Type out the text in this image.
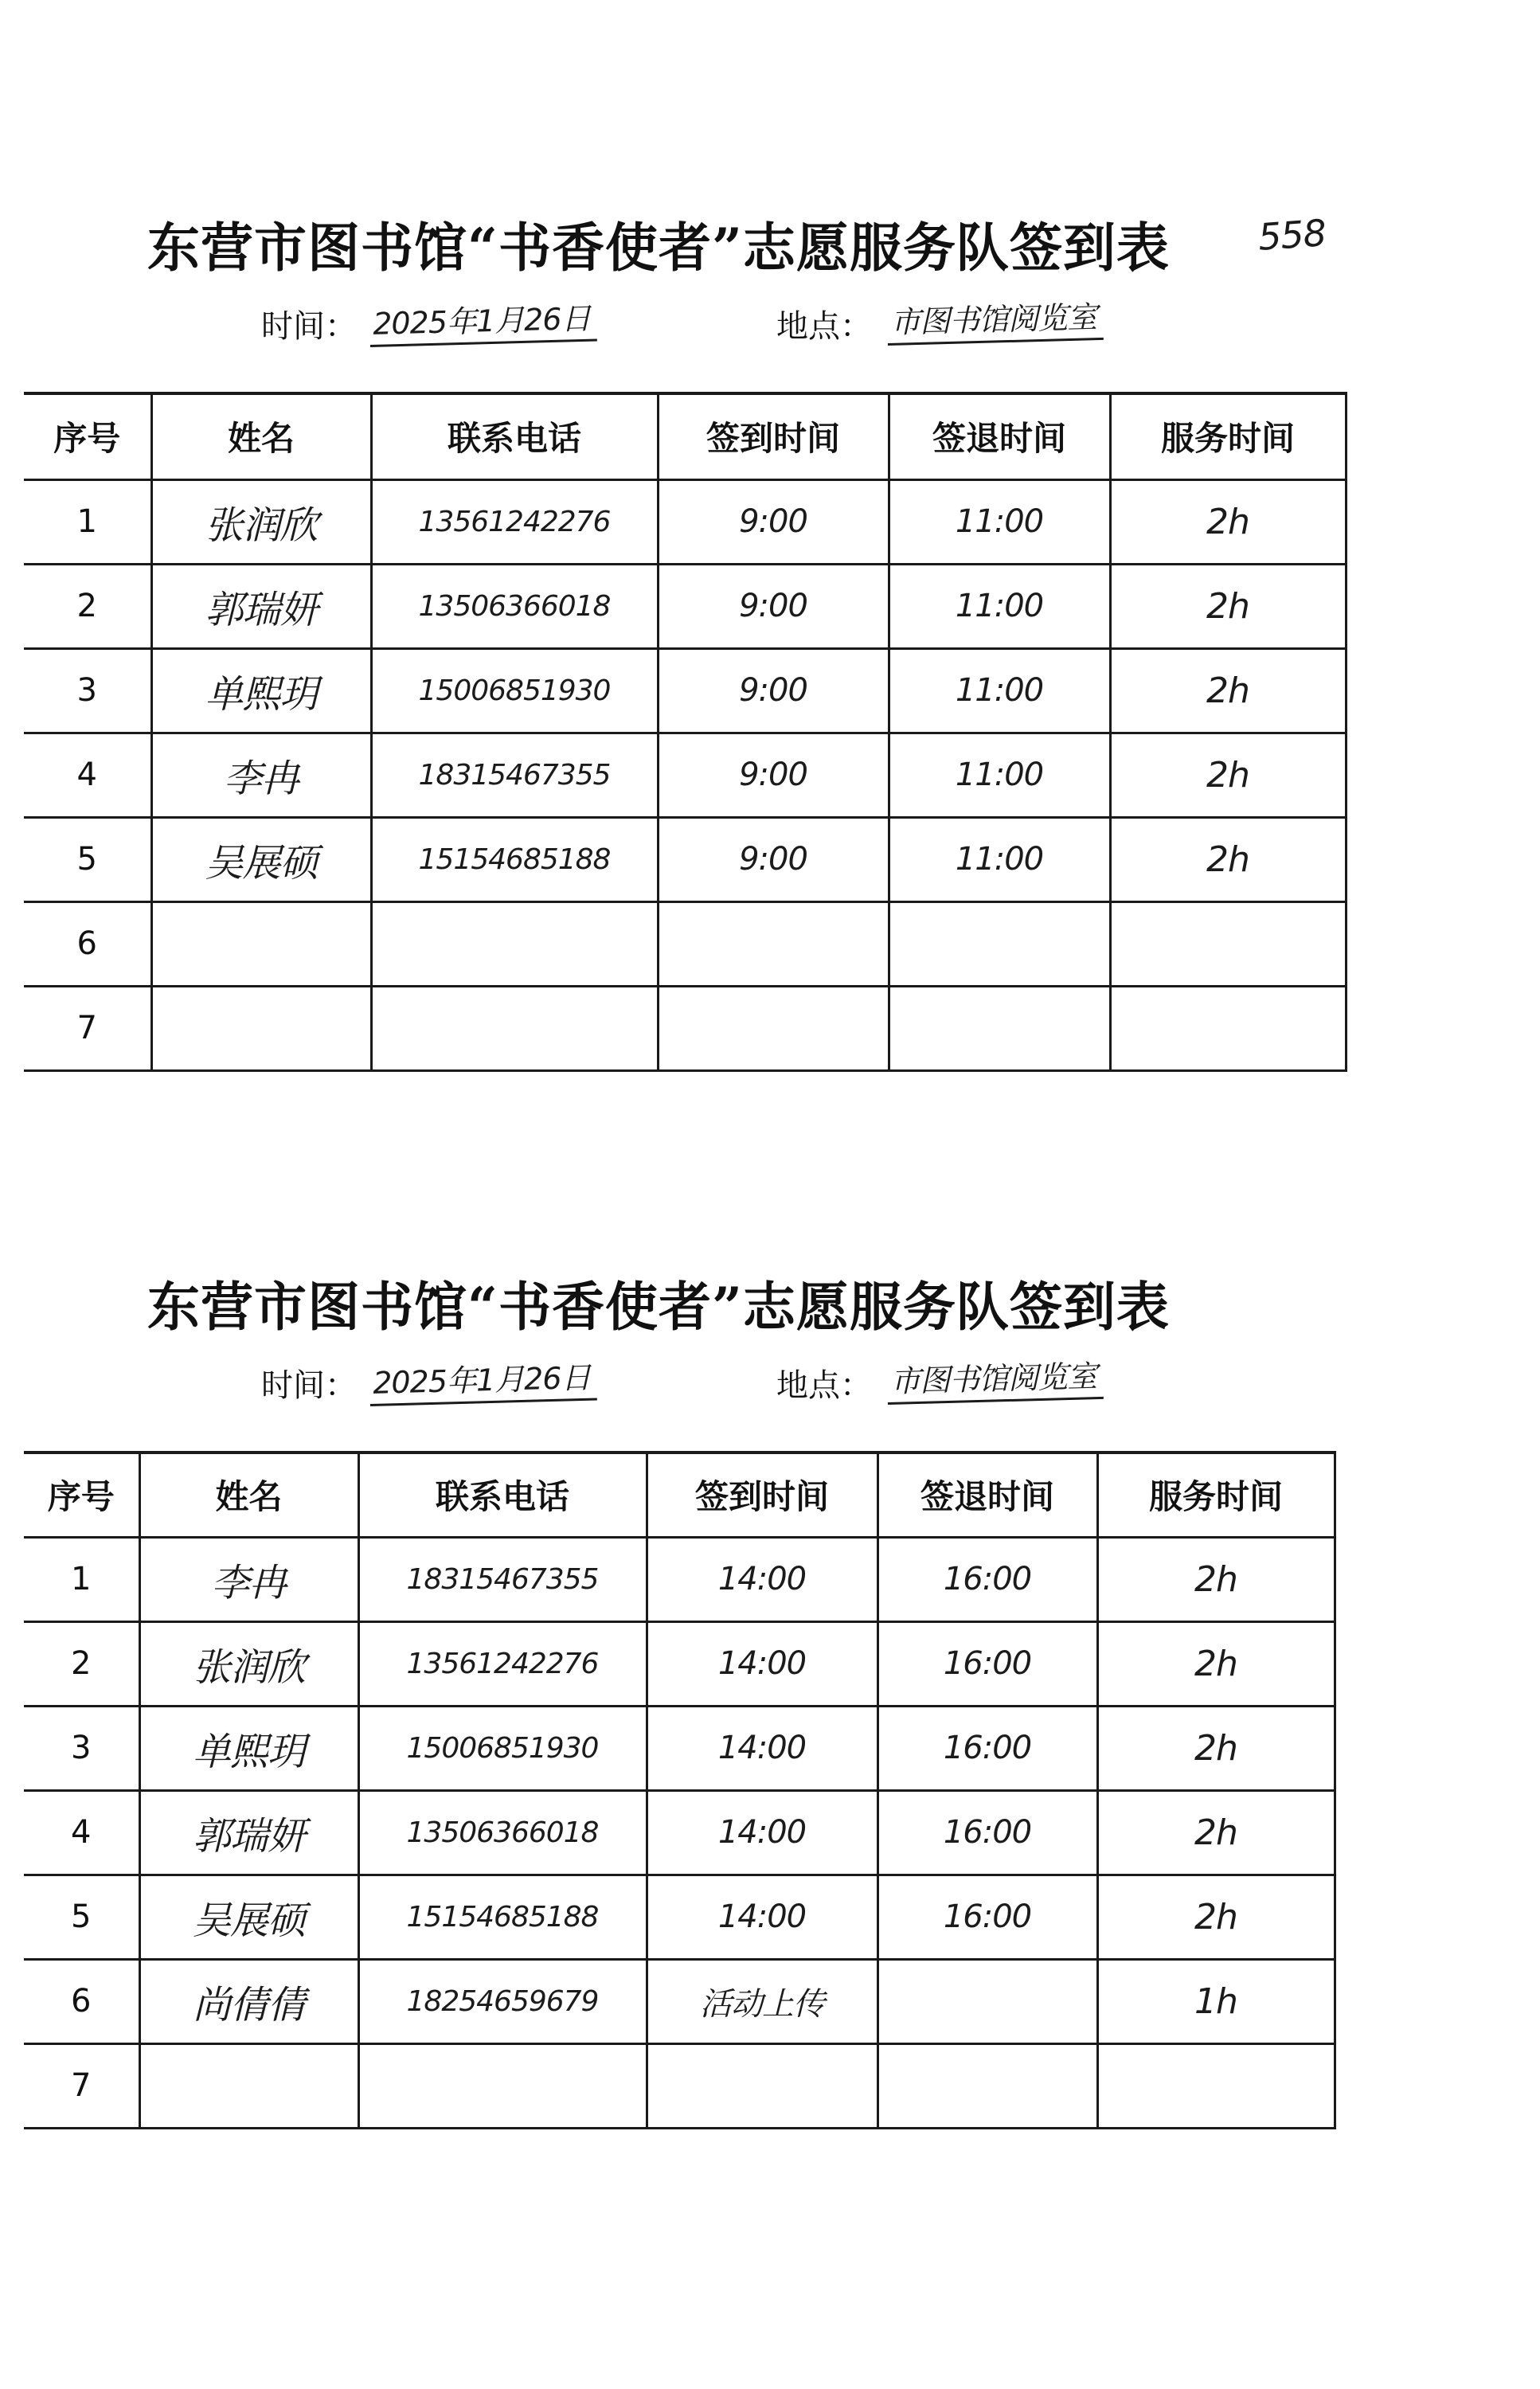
东营市图书馆“书香使者”志愿服务队签到表 558
时间： 2025年1月26日	地点： 市图书馆阅览室
序号	姓名	联系电话	签到时间	签退时间	服务时间
1	张润欣	13561242276	9:00	11:00	2h
2	郭瑞妍	13506366018	9:00	11:00	2h
3	单熙玥	15006851930	9:00	11:00	2h
4	李冉	18315467355	9:00	11:00	2h
5	吴展硕	15154685188	9:00	11:00	2h
6					
7					
东营市图书馆“书香使者”志愿服务队签到表
时间： 2025年1月26日	地点： 市图书馆阅览室
序号	姓名	联系电话	签到时间	签退时间	服务时间
1	李冉	18315467355	14:00	16:00	2h
2	张润欣	13561242276	14:00	16:00	2h
3	单熙玥	15006851930	14:00	16:00	2h
4	郭瑞妍	13506366018	14:00	16:00	2h
5	吴展硕	15154685188	14:00	16:00	2h
6	尚倩倩	18254659679	活动上传		1h
7					
